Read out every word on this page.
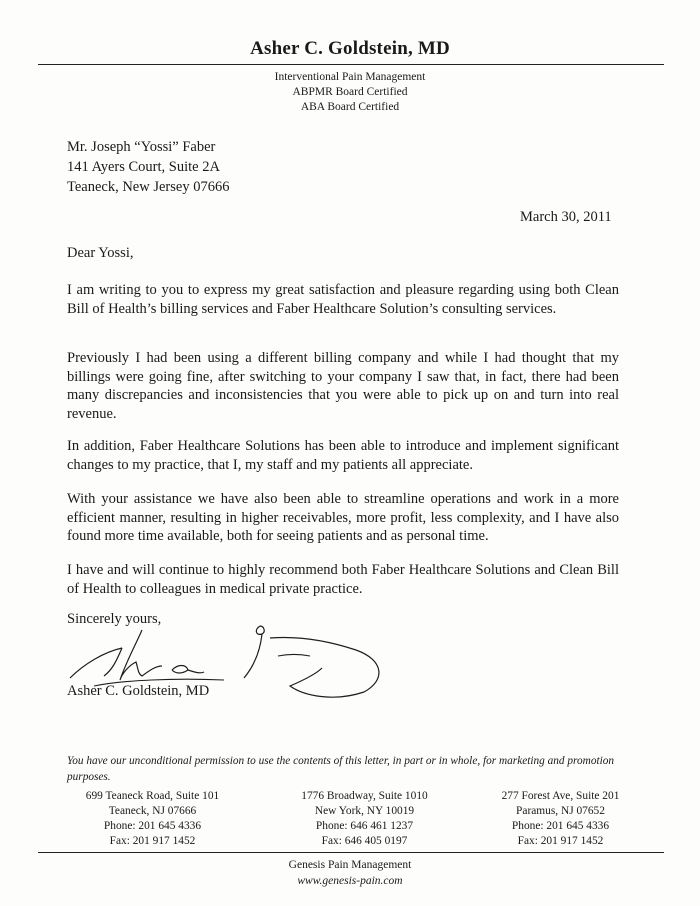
Asher C. Goldstein, MD
Interventional Pain Management
ABPMR Board Certified
ABA Board Certified
Mr. Joseph “Yossi” Faber
141 Ayers Court, Suite 2A
Teaneck, New Jersey 07666
March 30, 2011
Dear Yossi,
I am writing to you to express my great satisfaction and pleasure regarding using both Clean Bill of Health’s billing services and Faber Healthcare Solution’s consulting services.
Previously I had been using a different billing company and while I had thought that my billings were going fine, after switching to your company I saw that, in fact, there had been many discrepancies and inconsistencies that you were able to pick up on and turn into real revenue.
In addition, Faber Healthcare Solutions has been able to introduce and implement significant changes to my practice, that I, my staff and my patients all appreciate.
With your assistance we have also been able to streamline operations and work in a more efficient manner, resulting in higher receivables, more profit, less complexity, and I have also found more time available, both for seeing patients and as personal time.
I have and will continue to highly recommend both Faber Healthcare Solutions and Clean Bill of Health to colleagues in medical private practice.
Sincerely yours,
Asher C. Goldstein, MD
You have our unconditional permission to use the contents of this letter, in part or in whole, for marketing and promotion purposes.
699 Teaneck Road, Suite 101
Teaneck, NJ 07666
Phone: 201 645 4336
Fax: 201 917 1452
1776 Broadway, Suite 1010
New York, NY 10019
Phone: 646 461 1237
Fax: 646 405 0197
277 Forest Ave, Suite 201
Paramus, NJ 07652
Phone: 201 645 4336
Fax: 201 917 1452
Genesis Pain Management
www.genesis-pain.com
